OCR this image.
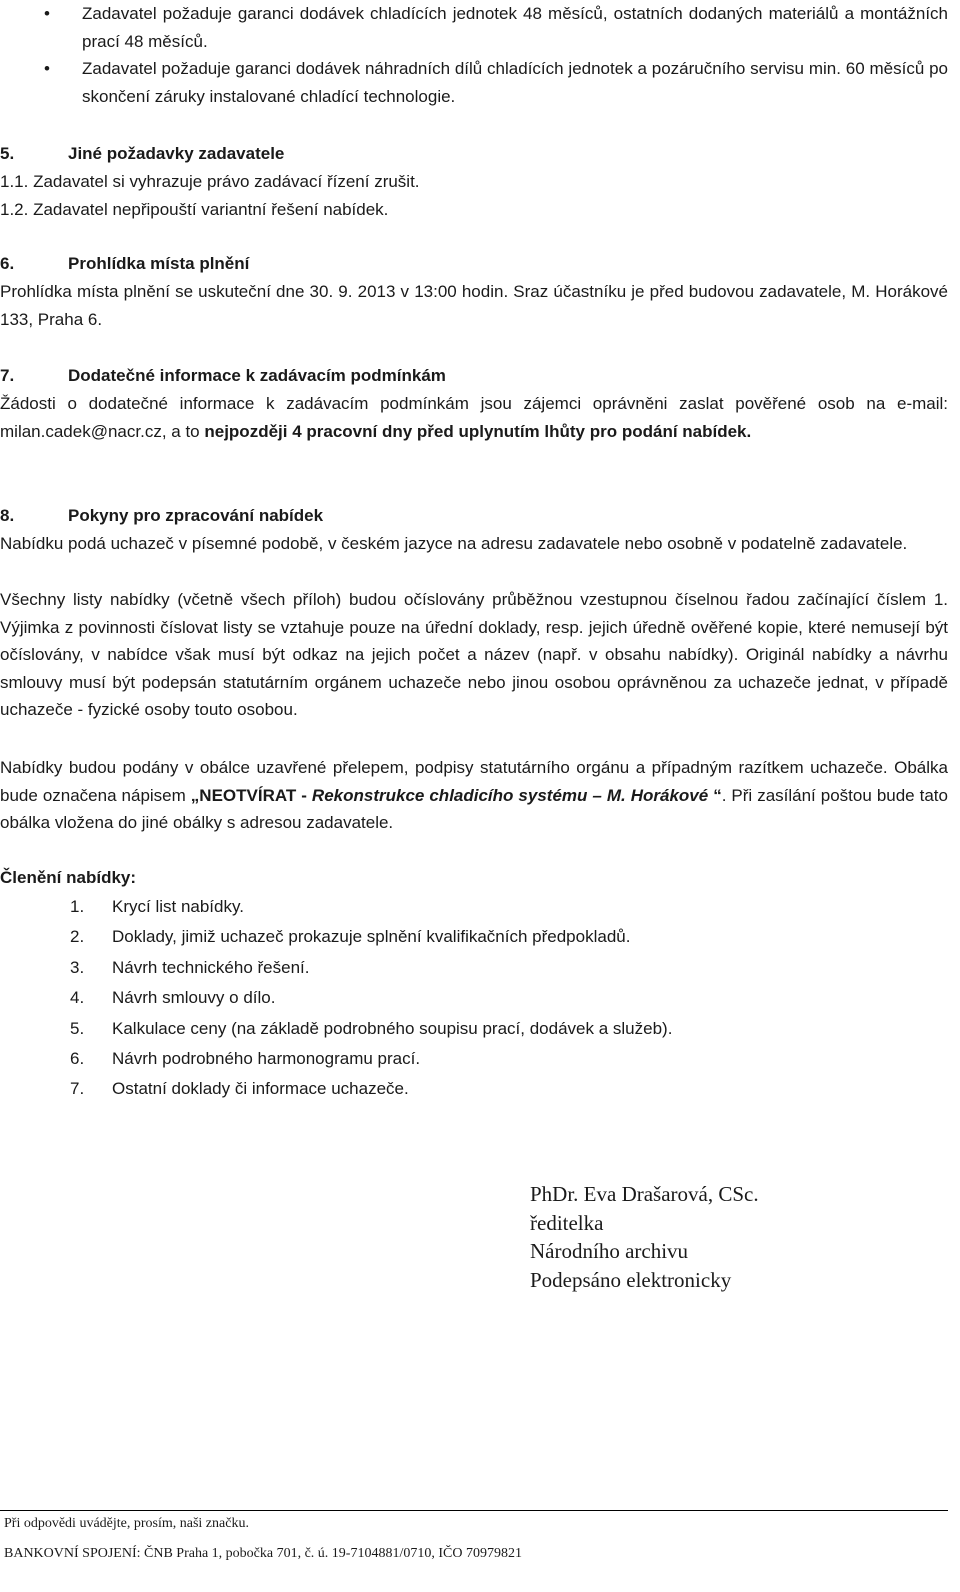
• Zadavatel požaduje garanci dodávek chladících jednotek 48 měsíců, ostatních dodaných materiálů a montážních prací 48 měsíců.
• Zadavatel požaduje garanci dodávek náhradních dílů chladících jednotek a pozáručního servisu min. 60 měsíců po skončení záruky instalované chladící technologie.
5.	Jiné požadavky zadavatele
1.1. Zadavatel si vyhrazuje právo zadávací řízení zrušit.
1.2. Zadavatel nepřipouští variantní řešení nabídek.
6.	Prohlídka místa plnění
Prohlídka místa plnění se uskuteční dne 30. 9. 2013 v 13:00 hodin. Sraz účastníku je před budovou zadavatele, M. Horákové 133, Praha 6.
7.	Dodatečné informace k zadávacím podmínkám
Žádosti o dodatečné informace k zadávacím podmínkám jsou zájemci oprávněni zaslat pověřené osob na e-mail: milan.cadek@nacr.cz, a to nejpozději 4 pracovní dny před uplynutím lhůty pro podání nabídek.
8.	Pokyny pro zpracování nabídek
Nabídku podá uchazeč v písemné podobě, v českém jazyce na adresu zadavatele nebo osobně v podatelně zadavatele.
Všechny listy nabídky (včetně všech příloh) budou očíslovány průběžnou vzestupnou číselnou řadou začínající číslem 1. Výjimka z povinnosti číslovat listy se vztahuje pouze na úřední doklady, resp. jejich úředně ověřené kopie, které nemusejí být očíslovány, v nabídce však musí být odkaz na jejich počet a název (např. v obsahu nabídky). Originál nabídky a návrhu smlouvy musí být podepsán statutárním orgánem uchazeče nebo jinou osobou oprávněnou za uchazeče jednat, v případě uchazeče - fyzické osoby touto osobou.
Nabídky budou podány v obálce uzavřené přelepem, podpisy statutárního orgánu a případným razítkem uchazeče. Obálka bude označena nápisem „NEOTVÍRAT - Rekonstrukce chladicího systému – M. Horákové “. Při zasílání poštou bude tato obálka vložena do jiné obálky s adresou zadavatele.
Členění nabídky:
1. Krycí list nabídky.
2. Doklady, jimiž uchazeč prokazuje splnění kvalifikačních předpokladů.
3. Návrh technického řešení.
4. Návrh smlouvy o dílo.
5. Kalkulace ceny (na základě podrobného soupisu prací, dodávek a služeb).
6. Návrh podrobného harmonogramu prací.
7. Ostatní doklady či informace uchazeče.
PhDr. Eva Drašarová, CSc.
ředitelka
Národního archivu
Podepsáno elektronicky
Při odpovědi uvádějte, prosím, naši značku.
BANKOVNÍ SPOJENÍ: ČNB Praha 1, pobočka 701, č. ú. 19-7104881/0710, IČO 70979821
